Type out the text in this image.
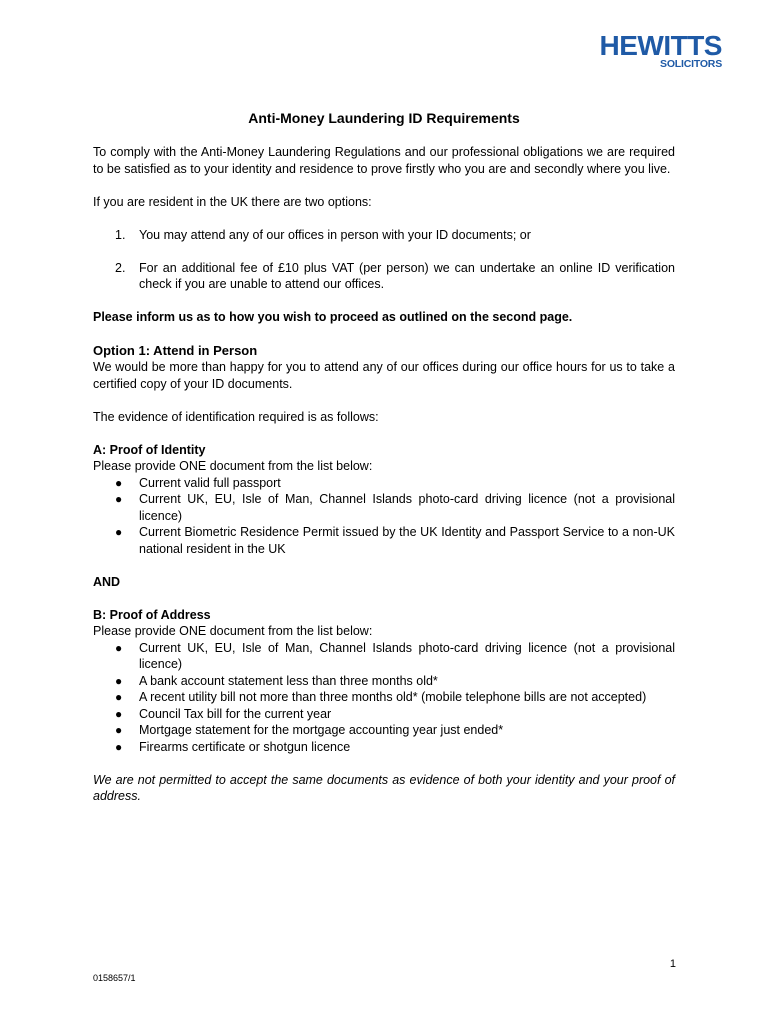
HEWITTS
SOLICITORS
Anti-Money Laundering ID Requirements

To comply with the Anti-Money Laundering Regulations and our professional obligations we are required to be satisfied as to your identity and residence to prove firstly who you are and secondly where you live.

If you are resident in the UK there are two options:

1. You may attend any of our offices in person with your ID documents; or
2. For an additional fee of £10 plus VAT (per person) we can undertake an online ID verification check if you are unable to attend our offices.

Please inform us as to how you wish to proceed as outlined on the second page.

Option 1: Attend in Person

We would be more than happy for you to attend any of our offices during our office hours for us to take a certified copy of your ID documents.

The evidence of identification required is as follows:

A: Proof of Identity

Please provide ONE document from the list below:

● Current valid full passport
● Current UK, EU, Isle of Man, Channel Islands photo-card driving licence (not a provisional licence)
● Current Biometric Residence Permit issued by the UK Identity and Passport Service to a non-UK national resident in the UK

AND

B: Proof of Address

Please provide ONE document from the list below:

● Current UK, EU, Isle of Man, Channel Islands photo-card driving licence (not a provisional licence)
● A bank account statement less than three months old*
● A recent utility bill not more than three months old* (mobile telephone bills are not accepted)
● Council Tax bill for the current year
● Mortgage statement for the mortgage accounting year just ended*
● Firearms certificate or shotgun licence

We are not permitted to accept the same documents as evidence of both your identity and your proof of address.

1
0158657/1
